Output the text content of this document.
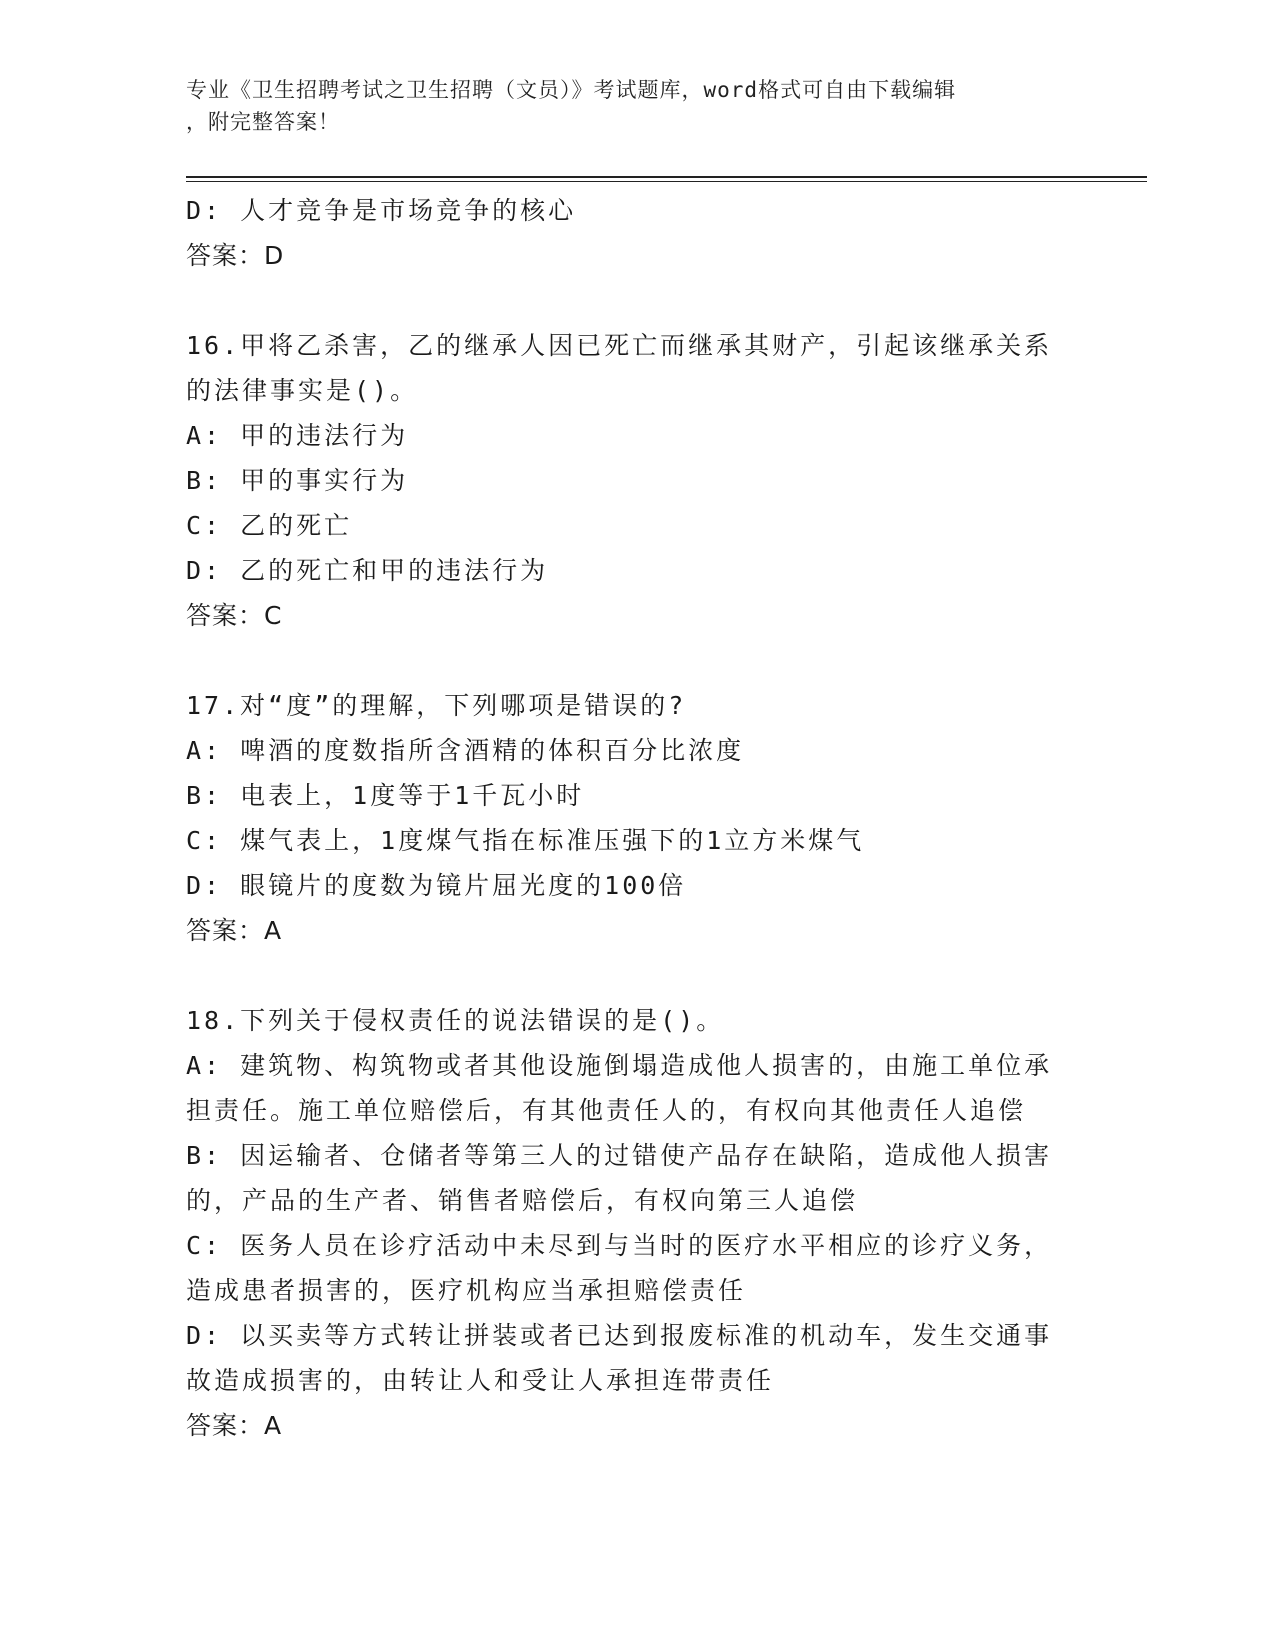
专业《卫生招聘考试之卫生招聘（文员）》考试题库，word格式可自由下载编辑
，附完整答案！
D: 人才竞争是市场竞争的核心
答案：D
16.甲将乙杀害，乙的继承人因已死亡而继承其财产，引起该继承关系
的法律事实是()。
A: 甲的违法行为
B: 甲的事实行为
C: 乙的死亡
D: 乙的死亡和甲的违法行为
答案：C
17.对“度”的理解，下列哪项是错误的?
A: 啤酒的度数指所含酒精的体积百分比浓度
B: 电表上，1度等于1千瓦小时
C: 煤气表上，1度煤气指在标准压强下的1立方米煤气
D: 眼镜片的度数为镜片屈光度的100倍
答案：A
18.下列关于侵权责任的说法错误的是()。
A: 建筑物、构筑物或者其他设施倒塌造成他人损害的，由施工单位承
担责任。施工单位赔偿后，有其他责任人的，有权向其他责任人追偿
B: 因运输者、仓储者等第三人的过错使产品存在缺陷，造成他人损害
的，产品的生产者、销售者赔偿后，有权向第三人追偿
C: 医务人员在诊疗活动中未尽到与当时的医疗水平相应的诊疗义务，
造成患者损害的，医疗机构应当承担赔偿责任
D: 以买卖等方式转让拼装或者已达到报废标准的机动车，发生交通事
故造成损害的，由转让人和受让人承担连带责任
答案：A
